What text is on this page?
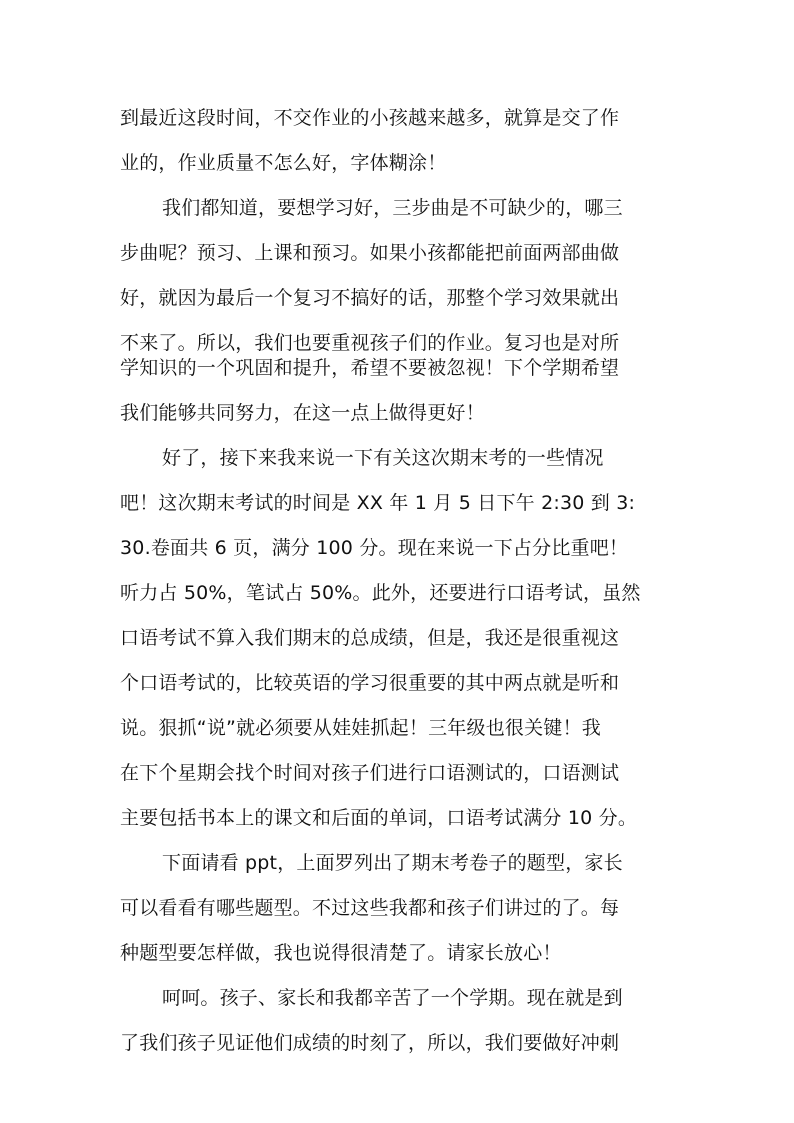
到最近这段时间，不交作业的小孩越来越多，就算是交了作
业的，作业质量不怎么好，字体糊涂！
我们都知道，要想学习好，三步曲是不可缺少的，哪三
步曲呢？预习、上课和预习。如果小孩都能把前面两部曲做
好，就因为最后一个复习不搞好的话，那整个学习效果就出
不来了。所以，我们也要重视孩子们的作业。复习也是对所
学知识的一个巩固和提升，希望不要被忽视！下个学期希望
我们能够共同努力，在这一点上做得更好！
好了，接下来我来说一下有关这次期末考的一些情况
吧！这次期末考试的时间是 XX 年 1 月 5 日下午 2:30 到 3:
30.卷面共 6 页，满分 100 分。现在来说一下占分比重吧！
听力占 50%，笔试占 50%。此外，还要进行口语考试，虽然
口语考试不算入我们期末的总成绩，但是，我还是很重视这
个口语考试的，比较英语的学习很重要的其中两点就是听和
说。狠抓“说”就必须要从娃娃抓起！三年级也很关键！我
在下个星期会找个时间对孩子们进行口语测试的，口语测试
主要包括书本上的课文和后面的单词，口语考试满分 10 分。
下面请看 ppt，上面罗列出了期末考卷子的题型，家长
可以看看有哪些题型。不过这些我都和孩子们讲过的了。每
种题型要怎样做，我也说得很清楚了。请家长放心！
呵呵。孩子、家长和我都辛苦了一个学期。现在就是到
了我们孩子见证他们成绩的时刻了，所以，我们要做好冲刺
